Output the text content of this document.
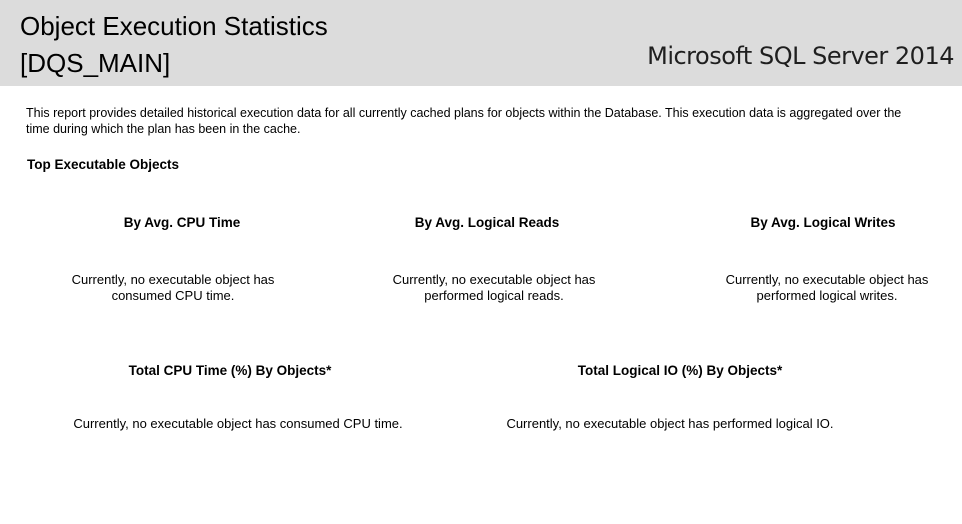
Object Execution Statistics
[DQS_MAIN]	Microsoft SQL Server 2014
This report provides detailed historical execution data for all currently cached plans for objects within the Database. This execution data is aggregated over the
time during which the plan has been in the cache.
Top Executable Objects
By Avg. CPU Time
Currently, no executable object has
consumed CPU time.
By Avg. Logical Reads
Currently, no executable object has
performed logical reads.
By Avg. Logical Writes
Currently, no executable object has
performed logical writes.
Total CPU Time (%) By Objects*
Currently, no executable object has consumed CPU time.
Total Logical IO (%) By Objects*
Currently, no executable object has performed logical IO.
